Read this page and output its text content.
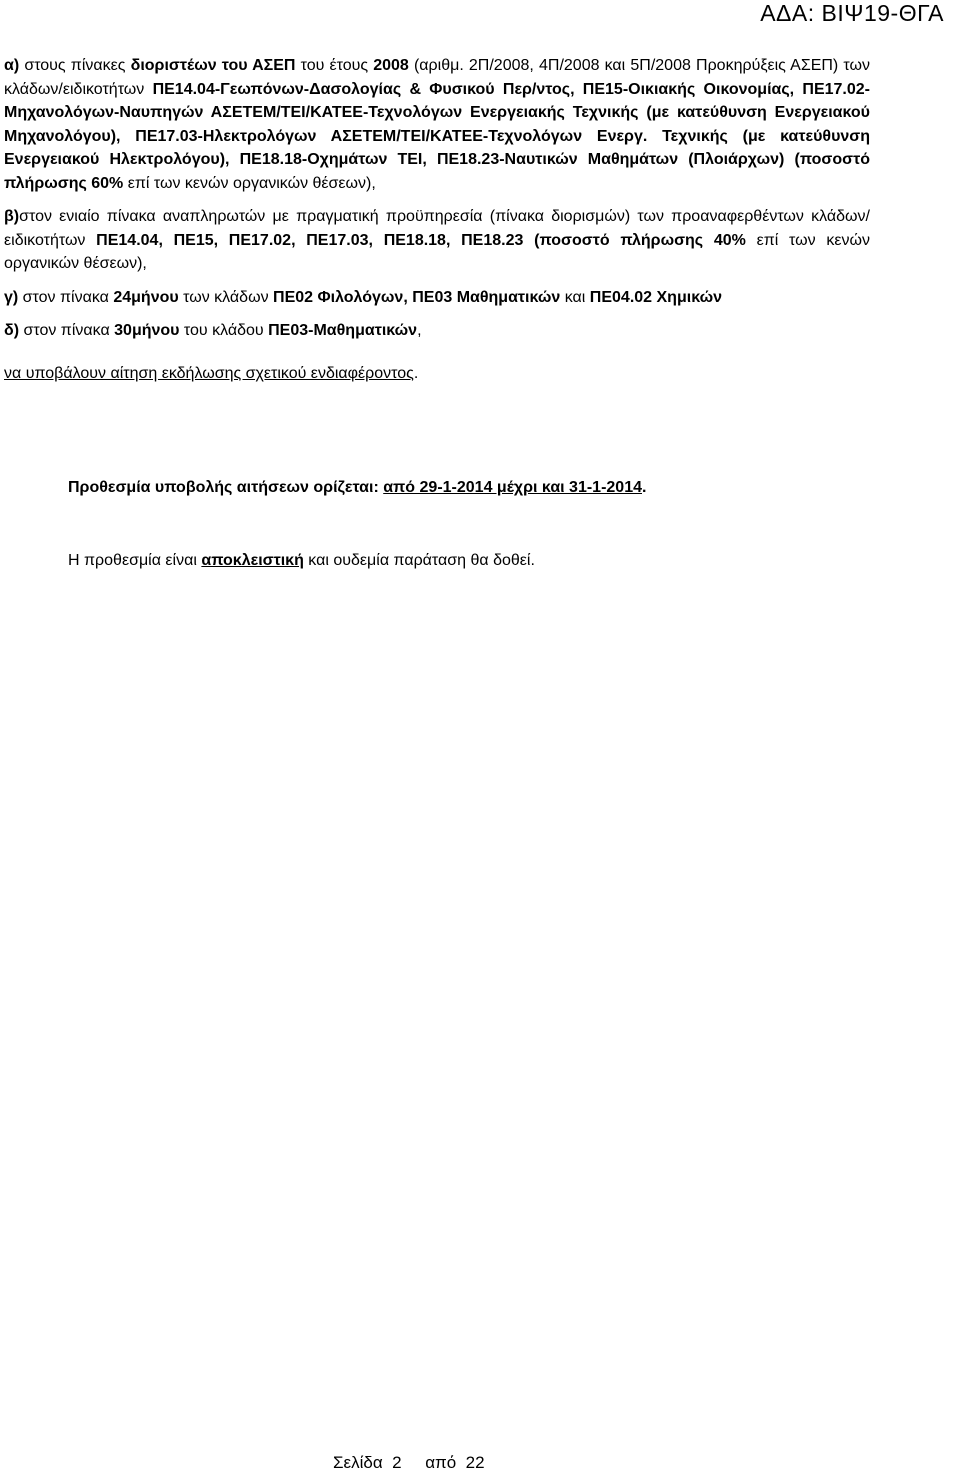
ΑΔΑ: ΒΙΨ19-ΘΓΑ

α) στους πίνακες διοριστέων του ΑΣΕΠ του έτους 2008 (αριθμ. 2Π/2008, 4Π/2008 και 5Π/2008 Προκηρύξεις ΑΣΕΠ) των κλάδων/ειδικοτήτων ΠΕ14.04-Γεωπόνων-Δασολογίας & Φυσικού Περ/ντος, ΠΕ15-Οικιακής Οικονομίας, ΠΕ17.02-Μηχανολόγων-Ναυπηγών ΑΣΕΤΕΜ/ΤΕΙ/ΚΑΤΕΕ-Τεχνολόγων Ενεργειακής Τεχνικής (με κατεύθυνση Ενεργειακού Μηχανολόγου), ΠΕ17.03-Ηλεκτρολόγων ΑΣΕΤΕΜ/ΤΕΙ/ΚΑΤΕΕ-Τεχνολόγων Ενεργ. Τεχνικής (με κατεύθυνση Ενεργειακού Ηλεκτρολόγου), ΠΕ18.18-Οχημάτων ΤΕΙ, ΠΕ18.23-Ναυτικών Μαθημάτων (Πλοιάρχων) (ποσοστό πλήρωσης 60% επί των κενών οργανικών θέσεων),

β)στον ενιαίο πίνακα αναπληρωτών με πραγματική προϋπηρεσία (πίνακα διορισμών) των προαναφερθέντων κλάδων/ειδικοτήτων ΠΕ14.04, ΠΕ15, ΠΕ17.02, ΠΕ17.03, ΠΕ18.18, ΠΕ18.23 (ποσοστό πλήρωσης 40% επί των κενών οργανικών θέσεων),

γ) στον πίνακα 24μήνου των κλάδων ΠΕ02 Φιλολόγων, ΠΕ03 Μαθηματικών και ΠΕ04.02 Χημικών

δ) στον πίνακα 30μήνου του κλάδου ΠΕ03-Μαθηματικών,

να υποβάλουν αίτηση εκδήλωσης σχετικού ενδιαφέροντος.

Προθεσμία υποβολής αιτήσεων ορίζεται: από 29-1-2014 μέχρι και 31-1-2014.
Η προθεσμία είναι αποκλειστική και ουδεμία παράταση θα δοθεί.
Σελίδα 2 από 22
